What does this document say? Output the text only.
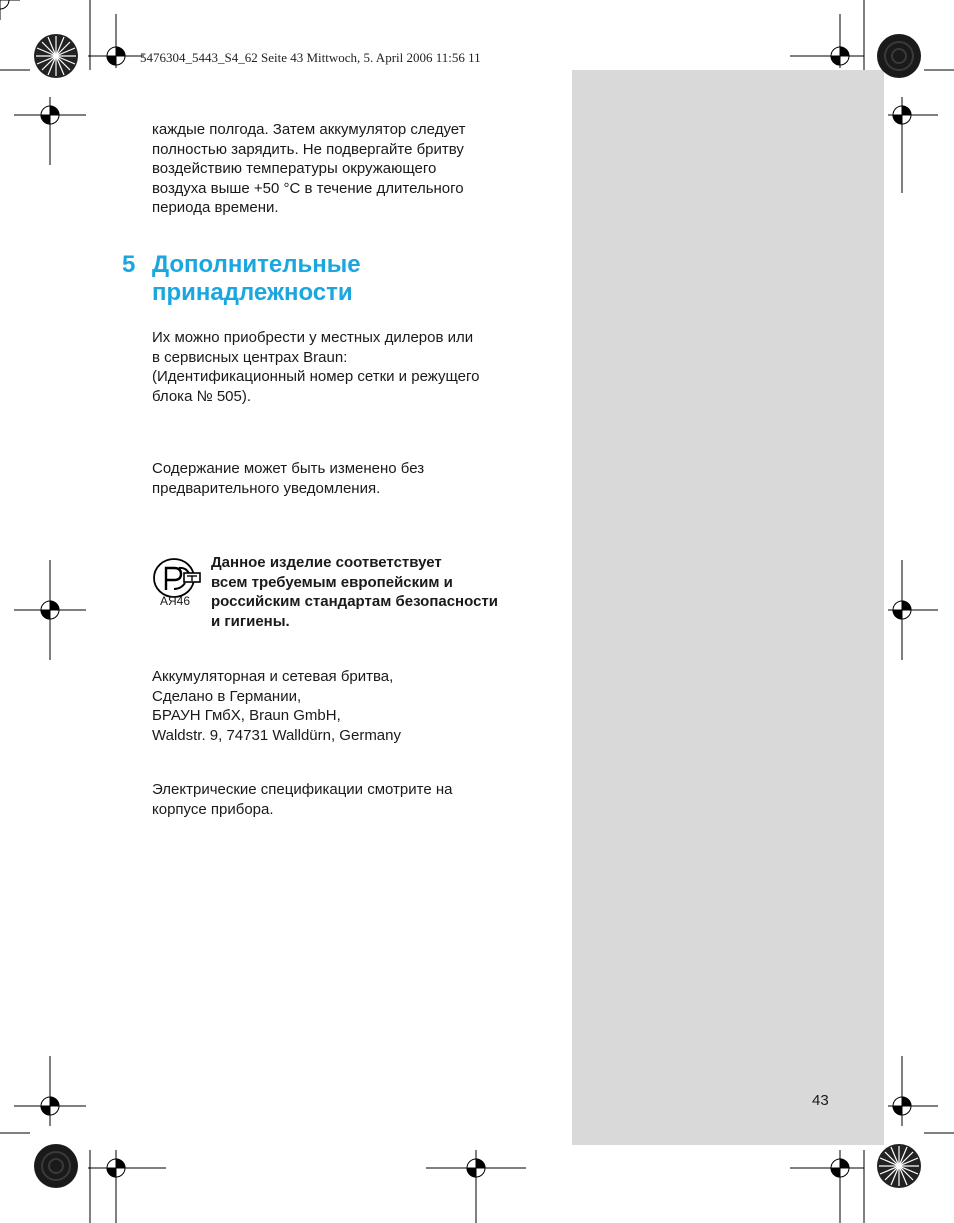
5476304_5443_S4_62 Seite 43 Mittwoch, 5. April 2006 11:56 11
каждые полгода. Затем аккумулятор следует
полностью зарядить. Не подвергайте бритву
воздействию температуры окружающего
воздуха выше +50 °С в течение длительного
периода времени.
5 Дополнительные
принадлежности
Их можно приобрести у местных дилеров или
в сервисных центрах Braun:
(Идентификационный номер сетки и режущего
блока № 505).
Содержание может быть изменено без
предварительного уведомления.
АЯ46
Данное изделие соответствует
всем требуемым европейским и
российским стандартам безопасности
и гигиены.
Аккумуляторная и сетевая бритва,
Сделано в Германии,
БРАУН ГмбХ, Braun GmbH,
Waldstr. 9, 74731 Walldürn, Germany
Электрические спецификации смотрите на
корпусе прибора.
43
